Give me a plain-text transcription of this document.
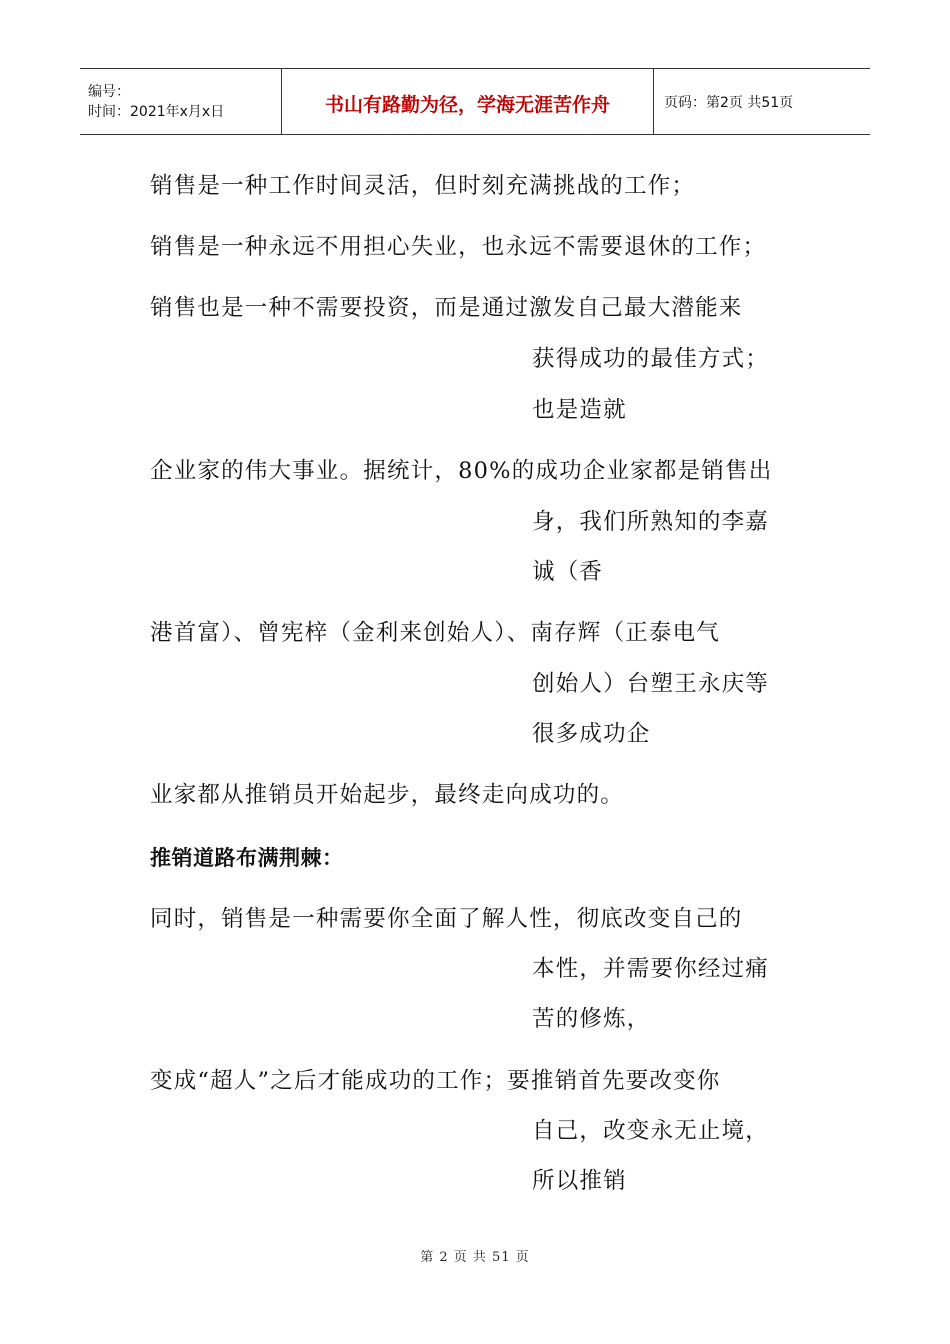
编号：
时间：2021年x月x日	书山有路勤为径，学海无涯苦作舟	页码：第2页 共51页
销售是一种工作时间灵活，但时刻充满挑战的工作；
销售是一种永远不用担心失业，也永远不需要退休的工作；
销售也是一种不需要投资，而是通过激发自己最大潜能来
获得成功的最佳方式；
也是造就
企业家的伟大事业。据统计，80%的成功企业家都是销售出
身，我们所熟知的李嘉
诚（香
港首富）、曾宪梓（金利来创始人）、南存辉（正泰电气
创始人）台塑王永庆等
很多成功企
业家都从推销员开始起步，最终走向成功的。
推销道路布满荆棘：
同时，销售是一种需要你全面了解人性，彻底改变自己的
本性，并需要你经过痛
苦的修炼，
变成“超人”之后才能成功的工作；要推销首先要改变你
自己，改变永无止境，
所以推销
第 2 页 共 51 页
